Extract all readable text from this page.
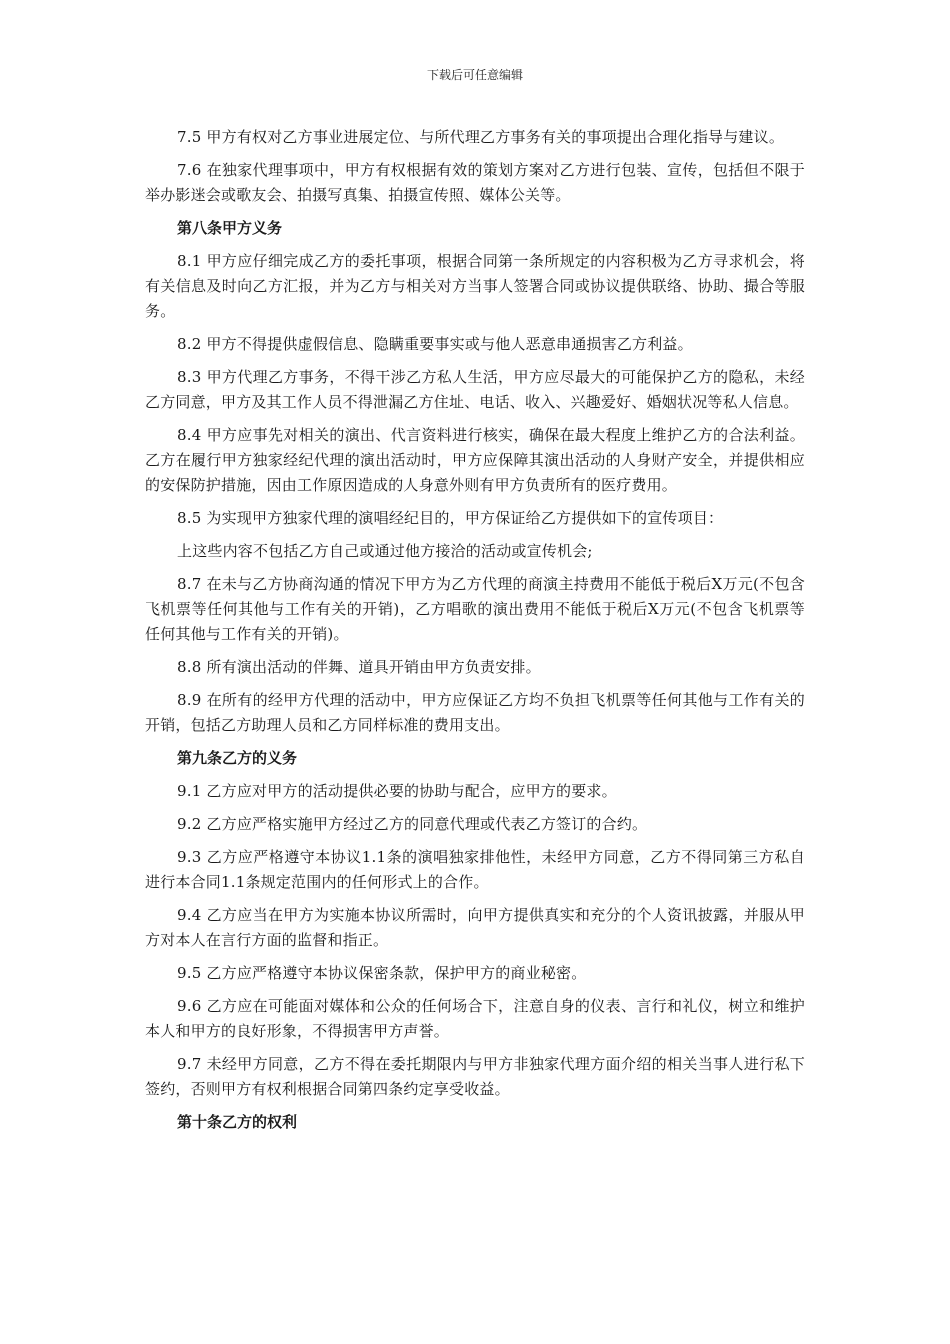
下载后可任意编辑

7.5 甲方有权对乙方事业进展定位、与所代理乙方事务有关的事项提出合理化指导与建议。

7.6 在独家代理事项中，甲方有权根据有效的策划方案对乙方进行包装、宣传，包括但不限于举办影迷会或歌友会、拍摄写真集、拍摄宣传照、媒体公关等。

第八条甲方义务

8.1 甲方应仔细完成乙方的委托事项，根据合同第一条所规定的内容积极为乙方寻求机会，将有关信息及时向乙方汇报，并为乙方与相关对方当事人签署合同或协议提供联络、协助、撮合等服务。

8.2 甲方不得提供虚假信息、隐瞒重要事实或与他人恶意串通损害乙方利益。

8.3 甲方代理乙方事务，不得干涉乙方私人生活，甲方应尽最大的可能保护乙方的隐私，未经乙方同意，甲方及其工作人员不得泄漏乙方住址、电话、收入、兴趣爱好、婚姻状况等私人信息。

8.4 甲方应事先对相关的演出、代言资料进行核实，确保在最大程度上维护乙方的合法利益。乙方在履行甲方独家经纪代理的演出活动时，甲方应保障其演出活动的人身财产安全，并提供相应的安保防护措施，因由工作原因造成的人身意外则有甲方负责所有的医疗费用。

8.5 为实现甲方独家代理的演唱经纪目的，甲方保证给乙方提供如下的宣传项目：

上这些内容不包括乙方自己或通过他方接洽的活动或宣传机会;

8.7 在未与乙方协商沟通的情况下甲方为乙方代理的商演主持费用不能低于税后X万元(不包含飞机票等任何其他与工作有关的开销)，乙方唱歌的演出费用不能低于税后X万元(不包含飞机票等任何其他与工作有关的开销)。

8.8 所有演出活动的伴舞、道具开销由甲方负责安排。

8.9 在所有的经甲方代理的活动中，甲方应保证乙方均不负担飞机票等任何其他与工作有关的开销，包括乙方助理人员和乙方同样标准的费用支出。

第九条乙方的义务

9.1 乙方应对甲方的活动提供必要的协助与配合，应甲方的要求。

9.2 乙方应严格实施甲方经过乙方的同意代理或代表乙方签订的合约。

9.3 乙方应严格遵守本协议1.1条的演唱独家排他性，未经甲方同意，乙方不得同第三方私自进行本合同1.1条规定范围内的任何形式上的合作。

9.4 乙方应当在甲方为实施本协议所需时，向甲方提供真实和充分的个人资讯披露，并服从甲方对本人在言行方面的监督和指正。

9.5 乙方应严格遵守本协议保密条款，保护甲方的商业秘密。

9.6 乙方应在可能面对媒体和公众的任何场合下，注意自身的仪表、言行和礼仪，树立和维护本人和甲方的良好形象，不得损害甲方声誉。

9.7 未经甲方同意，乙方不得在委托期限内与甲方非独家代理方面介绍的相关当事人进行私下签约，否则甲方有权利根据合同第四条约定享受收益。

第十条乙方的权利
